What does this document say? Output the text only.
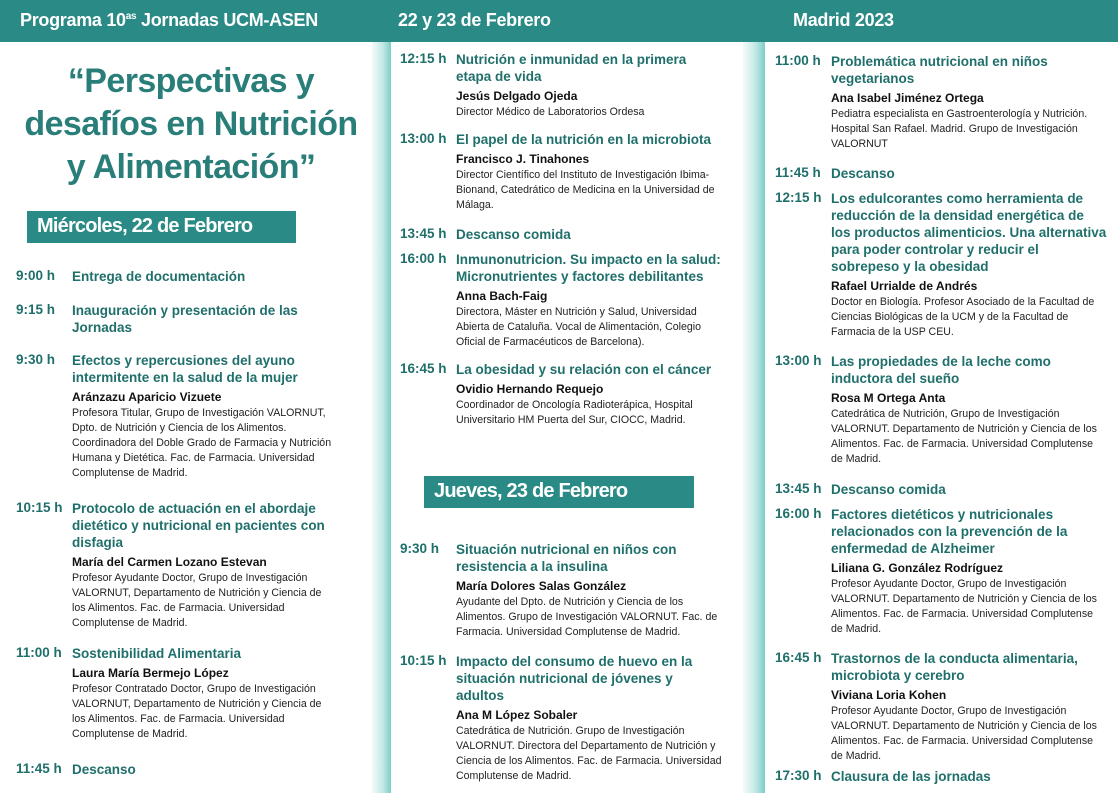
Programa $10^{as}$ Jornadas UCM-ASEN	22 y 23 de Febrero	Madrid 2023
“Perspectivas y
desafíos en Nutrición
y Alimentación”
Miércoles, 22 de Febrero
Jueves, 23 de Febrero
9:00 h Entrega de documentación
9:15 h Inauguración y presentación de las Jornadas
9:30 h Efectos y repercusiones del ayuno intermitente en la salud de la mujer
Aránzazu Aparicio Vizuete
Profesora Titular, Grupo de Investigación VALORNUT, Dpto. de Nutrición y Ciencia de los Alimentos. Coordinadora del Doble Grado de Farmacia y Nutrición Humana y Dietética. Fac. de Farmacia. Universidad Complutense de Madrid.
10:15 h Protocolo de actuación en el abordaje dietético y nutricional en pacientes con disfagia
María del Carmen Lozano Estevan
Profesor Ayudante Doctor, Grupo de Investigación VALORNUT, Departamento de Nutrición y Ciencia de los Alimentos. Fac. de Farmacia. Universidad Complutense de Madrid.
11:00 h Sostenibilidad Alimentaria
Laura María Bermejo López
Profesor Contratado Doctor, Grupo de Investigación VALORNUT, Departamento de Nutrición y Ciencia de los Alimentos. Fac. de Farmacia. Universidad Complutense de Madrid.
11:45 h Descanso
12:15 h Nutrición e inmunidad en la primera etapa de vida
Jesús Delgado Ojeda
Director Médico de Laboratorios Ordesa
13:00 h El papel de la nutrición en la microbiota
Francisco J. Tinahones
Director Científico del Instituto de Investigación Ibima-Bionand, Catedrático de Medicina en la Universidad de Málaga.
13:45 h Descanso comida
16:00 h Inmunonutricion. Su impacto en la salud: Micronutrientes y factores debilitantes
Anna Bach-Faig
Directora, Máster en Nutrición y Salud, Universidad Abierta de Cataluña. Vocal de Alimentación, Colegio Oficial de Farmacéuticos de Barcelona).
16:45 h La obesidad y su relación con el cáncer
Ovidio Hernando Requejo
Coordinador de Oncología Radioterápica, Hospital Universitario HM Puerta del Sur, CIOCC, Madrid.
9:30 h Situación nutricional en niños con resistencia a la insulina
María Dolores Salas González
Ayudante del Dpto. de Nutrición y Ciencia de los Alimentos. Grupo de Investigación VALORNUT. Fac. de Farmacia. Universidad Complutense de Madrid.
10:15 h Impacto del consumo de huevo en la situación nutricional de jóvenes y adultos
Ana M López Sobaler
Catedrática de Nutrición. Grupo de Investigación VALORNUT. Directora del Departamento de Nutrición y Ciencia de los Alimentos. Fac. de Farmacia. Universidad Complutense de Madrid.
11:00 h Problemática nutricional en niños vegetarianos
Ana Isabel Jiménez Ortega
Pediatra especialista en Gastroenterología y Nutrición. Hospital San Rafael. Madrid. Grupo de Investigación VALORNUT
11:45 h Descanso
12:15 h Los edulcorantes como herramienta de reducción de la densidad energética de los productos alimenticios. Una alternativa para poder controlar y reducir el sobrepeso y la obesidad
Rafael Urrialde de Andrés
Doctor en Biología. Profesor Asociado de la Facultad de Ciencias Biológicas de la UCM y de la Facultad de Farmacia de la USP CEU.
13:00 h Las propiedades de la leche como inductora del sueño
Rosa M Ortega Anta
Catedrática de Nutrición, Grupo de Investigación VALORNUT. Departamento de Nutrición y Ciencia de los Alimentos. Fac. de Farmacia. Universidad Complutense de Madrid.
13:45 h Descanso comida
16:00 h Factores dietéticos y nutricionales relacionados con la prevención de la enfermedad de Alzheimer
Liliana G. González Rodríguez
Profesor Ayudante Doctor, Grupo de Investigación VALORNUT. Departamento de Nutrición y Ciencia de los Alimentos. Fac. de Farmacia. Universidad Complutense de Madrid.
16:45 h Trastornos de la conducta alimentaria, microbiota y cerebro
Viviana Loria Kohen
Profesor Ayudante Doctor, Grupo de Investigación VALORNUT. Departamento de Nutrición y Ciencia de los Alimentos. Fac. de Farmacia. Universidad Complutense de Madrid.
17:30 h Clausura de las jornadas
